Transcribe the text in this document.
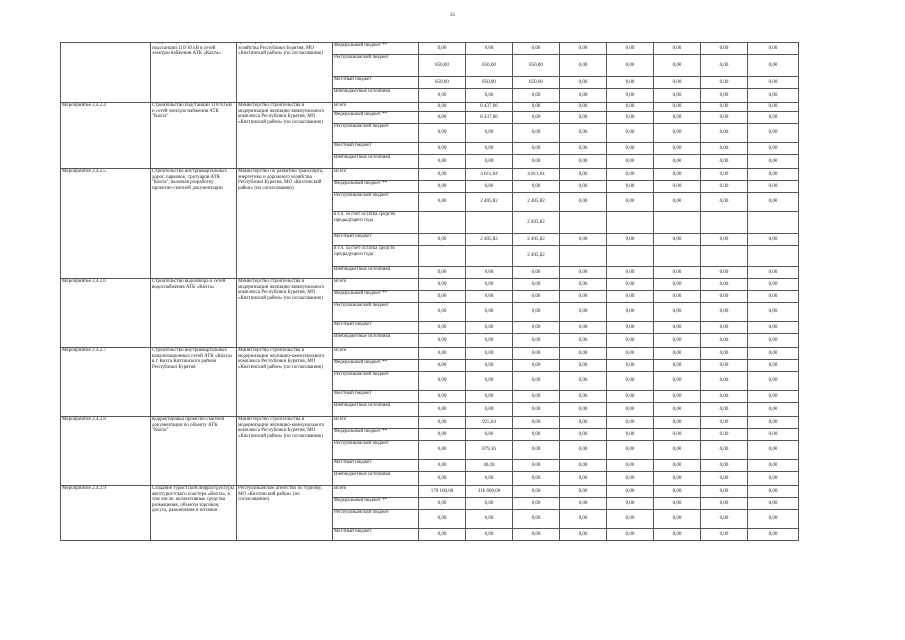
35

	модернизации строительство подстанции 110/10 кВ в сетей электроснабжения АТК «Кяхта»	транспорту, энергетике и дорожного хозяйства Республики Бурятия, МО «Кяхтинский район» (по согласованию)	Федеральный бюджет **	0,00	0,00	0,00	0,00	0,00	0,00	0,00	0,00
			Республиканский бюджет	850,00	850,00	850,00	0,00	0,00	0,00	0,00	0,00
			Местный бюджет	850,00	850,00	850,00	0,00	0,00	0,00	0,00	0,00
			Внебюджетные источники	0,00	0,00	0,00	0,00	0,00	0,00	0,00	0,00
Мероприятие 2.4.2.4	Строительство подстанции 110/10 кВ и сетей электроснабжения АТК "Кяхта"	Министерство строительства и модернизации жилищно-коммунального комплекса Республики Бурятия, МО «Кяхтинский район» (по согласованию)	Всего	0,00	8 437,06	0,00	0,00	0,00	0,00	0,00	0,00
			Федеральный бюджет **	0,00	8 437,06	0,00	0,00	0,00	0,00	0,00	0,00
			Республиканский бюджет	0,00	0,00	0,00	0,00	0,00	0,00	0,00	0,00
			Местный бюджет	0,00	0,00	0,00	0,00	0,00	0,00	0,00	0,00
			Внебюджетные источники	0,00	0,00	0,00	0,00	0,00	0,00	0,00	0,00
Мероприятие 2.4.2.5	Строительство внутриквартальных дорог, парковок, тротуаров АТК "Кяхта", включая разработку проектно-сметной документации	Министерство по развитию транспорта, энергетики и дорожного хозяйства Республики Бурятия, МО «Кяхтинский район» (по согласованию)	Всего	0,00	4 811,64	4 811,64	0,00	0,00	0,00	0,00	0,00
			Федеральный бюджет **	0,00	0,00	0,00	0,00	0,00	0,00	0,00	0,00
			Республиканский бюджет	0,00	2 405,82	2 405,82	0,00	0,00	0,00	0,00	0,00
			в т.ч. за счет остатка средств предыдущего года			2 405,82					
			Местный бюджет	0,00	2 405,82	2 405,82	0,00	0,00	0,00	0,00	0,00
			в т.ч. за счет остатка средств предыдущего года			2 405,82					
			Внебюджетные источники	0,00	0,00	0,00	0,00	0,00	0,00	0,00	0,00
Мероприятие 2.4.2.6	Строительство водозабора и сетей водоснабжения АТК «Кяхта»	Министерство строительства и модернизации жилищно-коммунального комплекса Республики Бурятия, МО «Кяхтинский район» (по согласованию)	Всего	0,00	0,00	0,00	0,00	0,00	0,00	0,00	0,00
			Федеральный бюджет **	0,00	0,00	0,00	0,00	0,00	0,00	0,00	0,00
			Республиканский бюджет	0,00	0,00	0,00	0,00	0,00	0,00	0,00	0,00
			Местный бюджет	0,00	0,00	0,00	0,00	0,00	0,00	0,00	0,00
			Внебюджетные источники	0,00	0,00	0,00	0,00	0,00	0,00	0,00	0,00
Мероприятие 2.4.2.7	Строительство внутриквартальных канализационных сетей АТК «Кяхта» в г. Кяхта Кяхтинского района Республики Бурятия	Министерство строительства и модернизации жилищно-коммунального комплекса Республики Бурятия, МО «Кяхтинский район» (по согласованию)	Всего	0,00	0,00	0,00	0,00	0,00	0,00	0,00	0,00
			Федеральный бюджет **	0,00	0,00	0,00	0,00	0,00	0,00	0,00	0,00
			Республиканский бюджет	0,00	0,00	0,00	0,00	0,00	0,00	0,00	0,00
			Местный бюджет	0,00	0,00	0,00	0,00	0,00	0,00	0,00	0,00
			Внебюджетные источники	0,00	0,00	0,00	0,00	0,00	0,00	0,00	0,00
Мероприятие 2.4.2.8	Корректировка проектно-сметной документации по объекту АТК "Кяхта"	Министерство строительства и модернизации жилищно-коммунального комплекса Республики Бурятия, МО «Кяхтинский район» (по согласованию)	Всего	0,00	925,64	0,00	0,00	0,00	0,00	0,00	0,00
			Федеральный бюджет **	0,00	0,00	0,00	0,00	0,00	0,00	0,00	0,00
			Республиканский бюджет	0,00	879,36	0,00	0,00	0,00	0,00	0,00	0,00
			Местный бюджет	0,00	46,28	0,00	0,00	0,00	0,00	0,00	0,00
			Внебюджетные источники	0,00	0,00	0,00	0,00	0,00	0,00	0,00	0,00
Мероприятие 2.4.2.9	Создание туристской инфраструктуры автотуристского кластера «Кяхта», в том числе: коллективные средства размещения, объекты торговли, досуга, развлечения и питания	Республиканское агентство по туризму, МО «Кяхтинский район» (по согласованию)	Всего	170 100,00	316 600,00	0,00	0,00	0,00	0,00	0,00	0,00
			Федеральный бюджет **	0,00	0,00	0,00	0,00	0,00	0,00	0,00	0,00
			Республиканский бюджет	0,00	0,00	0,00	0,00	0,00	0,00	0,00	0,00
			Местный бюджет	0,00	0,00	0,00	0,00	0,00	0,00	0,00	0,00
